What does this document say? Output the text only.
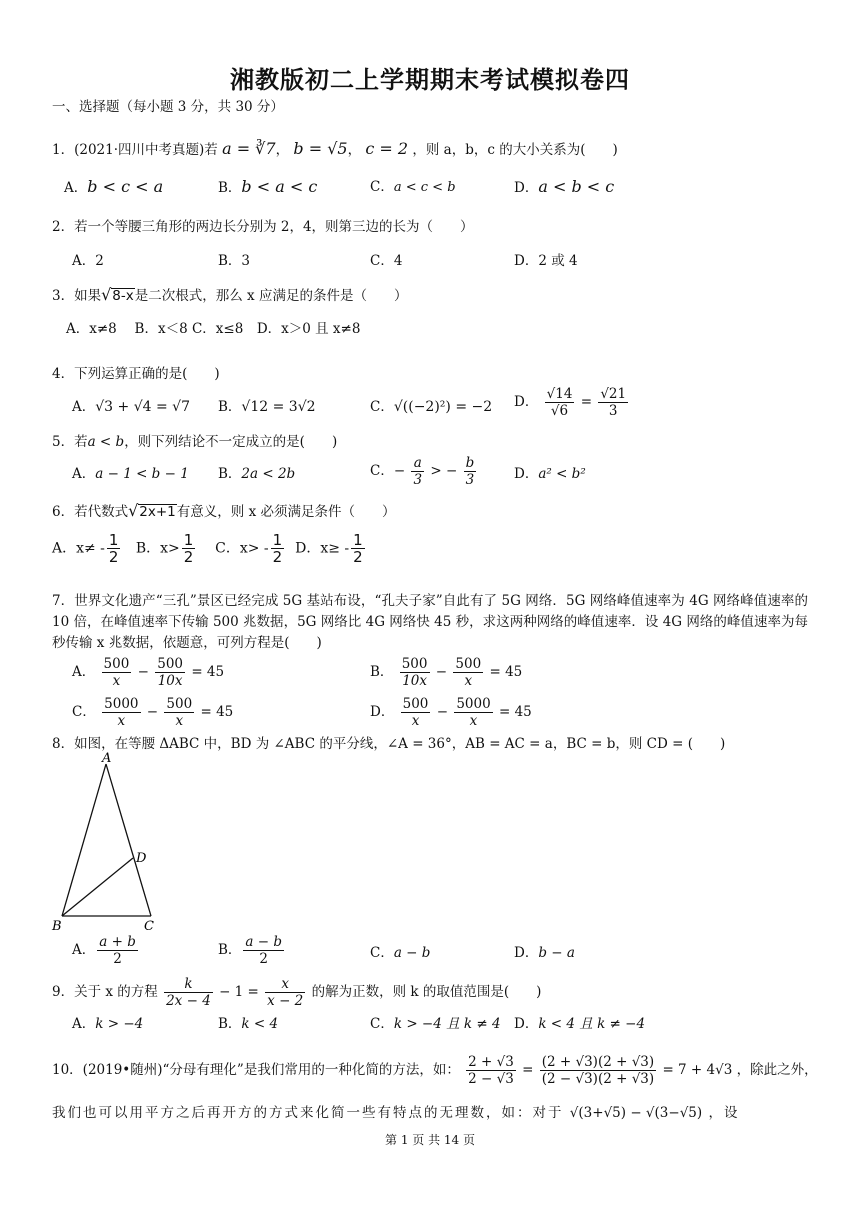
湘教版初二上学期期末考试模拟卷四
一、选择题（每小题 3 分，共 30 分）
1．(2021·四川中考真题)若 a = ∛7， b = √5， c = 2 ，则 a，b，c 的大小关系为(　　)
A．b < c < a	B．b < a < c	C．a < c < b	D．a < b < c
2．若一个等腰三角形的两边长分别为 2，4，则第三边的长为（　　）
A．2	B．3	C．4	D．2 或 4
3．如果√8-x是二次根式，那么 x 应满足的条件是（　　）
A．x≠8　 B．x＜8 C．x≤8　D．x＞0 且 x≠8
4．下列运算正确的是(　　)
A．√3 + √4 = √7 B．√12 = 3√2	C．√((−2)²) = −2 D． $\frac{√14}{√6} = \frac{√21}{3}$
5．若a < b，则下列结论不一定成立的是(　　)
A．a − 1 < b − 1 B．2a < 2b	C．− $\frac{a}{3}$ > − $\frac{b}{3}$	D．a² < b²
6．若代数式√2x+1有意义，则 x 必须满足条件（　　）
A．$x\ne - \frac{1}{2}$ B．$x> \frac{1}{2}$ C．$x> - \frac{1}{2}$ D．$x\ge - \frac{1}{2}$
7．世界文化遗产“三孔”景区已经完成 5G 基站布设，“孔夫子家”自此有了 5G 网络．5G 网络峰值速率为 4G 网络峰值速率的 10 倍，在峰值速率下传输 500 兆数据，5G 网络比 4G 网络快 45 秒，求这两种网络的峰值速率．设 4G 网络的峰值速率为每秒传输 x 兆数据，依题意，可列方程是(　　)
A． $\frac{500}{x} - \frac{500}{10x} = 45$	B． $\frac{500}{10x} - \frac{500}{x} = 45$
C． $\frac{5000}{x} - \frac{500}{x} = 45$	D． $\frac{500}{x} - \frac{5000}{x} = 45$
8．如图，在等腰 ΔABC 中，BD 为 ∠ABC 的平分线，∠A = 36°，AB = AC = a，BC = b，则 CD = (　　)
A
B	C
D
A． $\frac{a + b}{2}$	B． $\frac{a - b}{2}$	C．a − b	D．b − a
9．关于 x 的方程 $\frac{k}{2x - 4} - 1 = \frac{x}{x - 2}$ 的解为正数，则 k 的取值范围是(　　)
A．k > −4	B．k < 4	C．k > −4 且 k ≠ 4 D．k < 4 且 k ≠ −4
10．(2019•随州)“分母有理化”是我们常用的一种化简的方法，如： $\frac{2 + √3}{2 - √3} = \frac{(2 + √3)(2 + √3)}{(2 - √3)(2 + √3)} = 7 + 4√3$ ，除此之外，
我们也可以用平方之后再开方的方式来化简一些有特点的无理数，如：对于 √(3+√5) − √(3−√5) ，设
第 1 页 共 14 页
